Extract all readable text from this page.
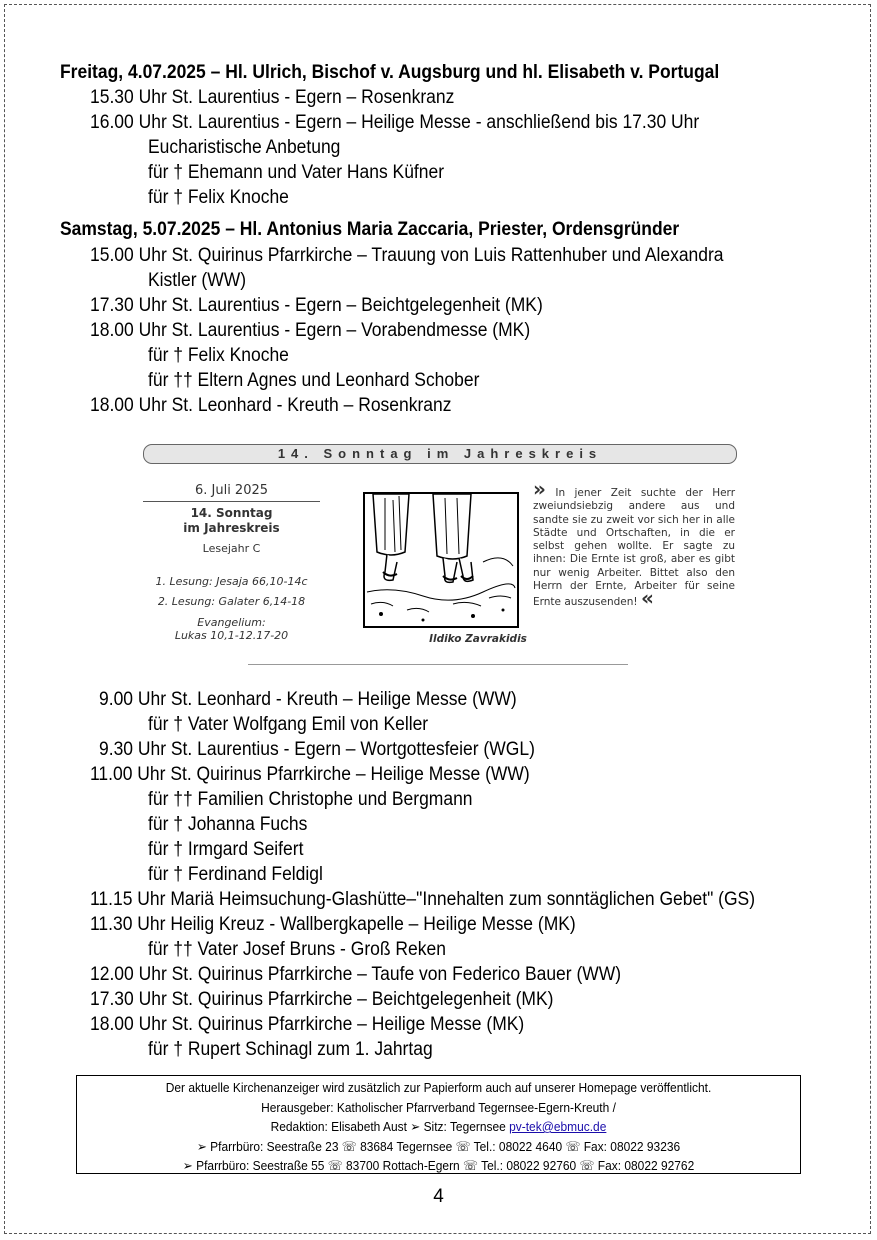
Freitag, 4.07.2025 – Hl. Ulrich, Bischof v. Augsburg und hl. Elisabeth v. Portugal
15.30 Uhr St. Laurentius - Egern – Rosenkranz
16.00 Uhr St. Laurentius - Egern – Heilige Messe - anschließend bis 17.30 Uhr
Eucharistische Anbetung
für † Ehemann und Vater Hans Küfner
für † Felix Knoche
Samstag, 5.07.2025 – Hl. Antonius Maria Zaccaria, Priester, Ordensgründer
15.00 Uhr St. Quirinus Pfarrkirche – Trauung von Luis Rattenhuber und Alexandra
Kistler (WW)
17.30 Uhr St. Laurentius - Egern – Beichtgelegenheit (MK)
18.00 Uhr St. Laurentius - Egern – Vorabendmesse (MK)
für † Felix Knoche
für †† Eltern Agnes und Leonhard Schober
18.00 Uhr St. Leonhard - Kreuth – Rosenkranz
14. Sonntag im Jahreskreis
6. Juli 2025
14. Sonntag
im Jahreskreis
Lesejahr C
1. Lesung: Jesaja 66,10-14c
2. Lesung: Galater 6,14-18
Evangelium:
Lukas 10,1-12.17-20	Ildiko Zavrakidis
» In jener Zeit suchte der Herr zweiundsiebzig andere aus und sandte sie zu zweit vor sich her in alle Städte und Ortschaften, in die er selbst gehen wollte. Er sagte zu ihnen: Die Ernte ist groß, aber es gibt nur wenig Arbeiter. Bittet also den Herrn der Ernte, Arbeiter für seine Ernte auszusenden! «
9.00 Uhr St. Leonhard - Kreuth – Heilige Messe (WW)
für † Vater Wolfgang Emil von Keller
9.30 Uhr St. Laurentius - Egern – Wortgottesfeier (WGL)
11.00 Uhr St. Quirinus Pfarrkirche – Heilige Messe (WW)
für †† Familien Christophe und Bergmann
für † Johanna Fuchs
für † Irmgard Seifert
für † Ferdinand Feldigl
11.15 Uhr Mariä Heimsuchung-Glashütte–"Innehalten zum sonntäglichen Gebet" (GS)
11.30 Uhr Heilig Kreuz - Wallbergkapelle – Heilige Messe (MK)
für †† Vater Josef Bruns - Groß Reken
12.00 Uhr St. Quirinus Pfarrkirche – Taufe von Federico Bauer (WW)
17.30 Uhr St. Quirinus Pfarrkirche – Beichtgelegenheit (MK)
18.00 Uhr St. Quirinus Pfarrkirche – Heilige Messe (MK)
für † Rupert Schinagl zum 1. Jahrtag
Der aktuelle Kirchenanzeiger wird zusätzlich zur Papierform auch auf unserer Homepage veröffentlicht.
Herausgeber: Katholischer Pfarrverband Tegernsee-Egern-Kreuth /
Redaktion: Elisabeth Aust ➢ Sitz: Tegernsee pv-tek@ebmuc.de
➢ Pfarrbüro: Seestraße 23 ☏ 83684 Tegernsee ☏ Tel.: 08022 4640 ☏ Fax: 08022 93236
➢ Pfarrbüro: Seestraße 55 ☏ 83700 Rottach-Egern ☏ Tel.: 08022 92760 ☏ Fax: 08022 92762
4
